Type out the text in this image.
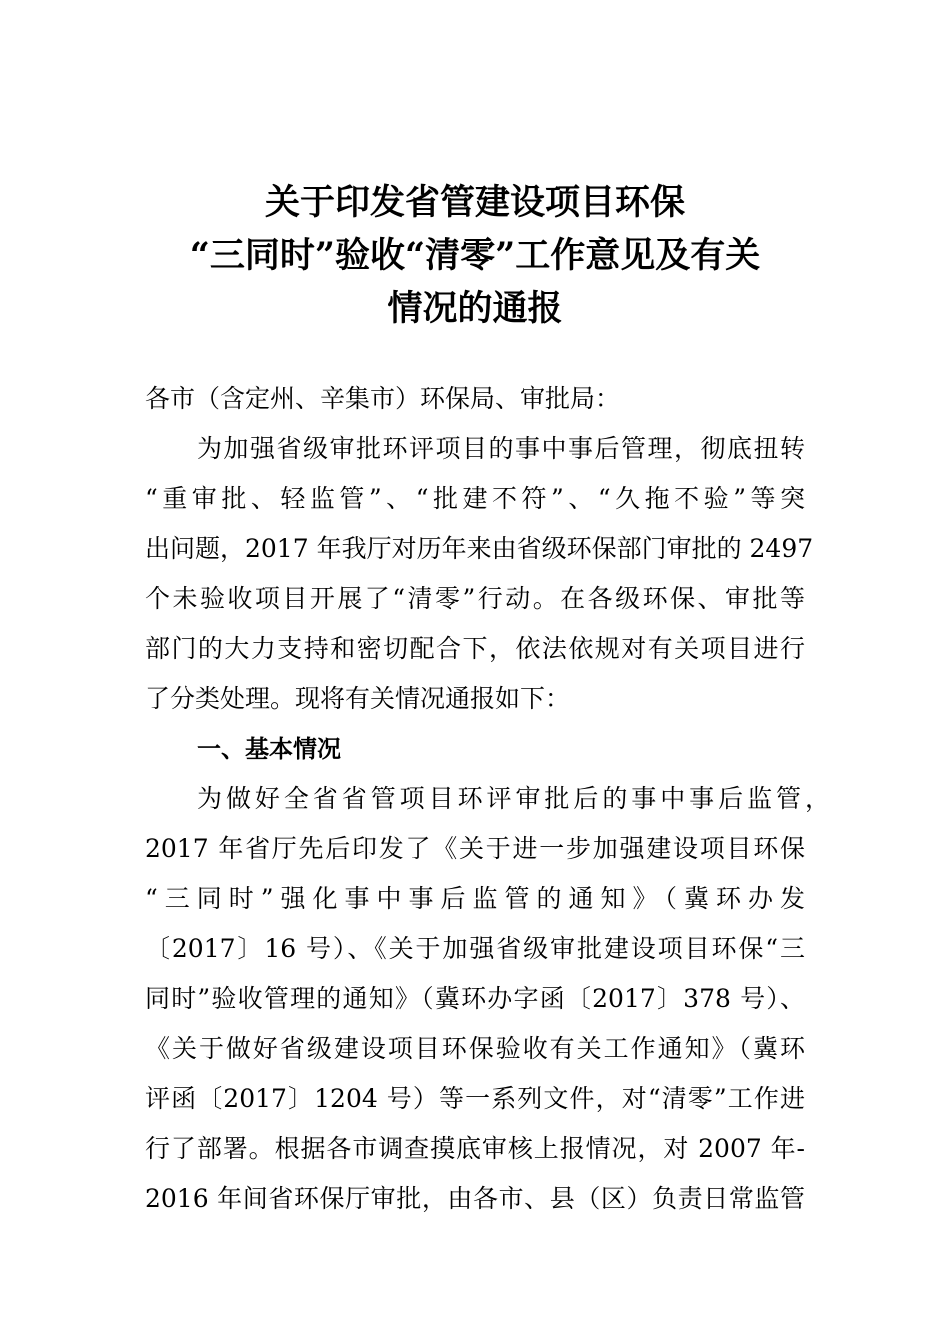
关于印发省管建设项目环保
“三同时”验收“清零”工作意见及有关
情况的通报
各市（含定州、辛集市）环保局、审批局：
为加强省级审批环评项目的事中事后管理，彻底扭转
“重审批、轻监管”、“批建不符”、“久拖不验”等突
出问题，2017 年我厅对历年来由省级环保部门审批的 2497
个未验收项目开展了“清零”行动。在各级环保、审批等
部门的大力支持和密切配合下，依法依规对有关项目进行
了分类处理。现将有关情况通报如下：
一、基本情况
为做好全省省管项目环评审批后的事中事后监管，
2017 年省厅先后印发了《关于进一步加强建设项目环保
“三同时”强化事中事后监管的通知》（冀环办发
〔2017〕16 号）、《关于加强省级审批建设项目环保“三
同时”验收管理的通知》（冀环办字函〔2017〕378 号）、
《关于做好省级建设项目环保验收有关工作通知》（冀环
评函〔2017〕1204 号）等一系列文件，对“清零”工作进
行了部署。根据各市调查摸底审核上报情况，对 2007 年-
2016 年间省环保厅审批，由各市、县（区）负责日常监管
